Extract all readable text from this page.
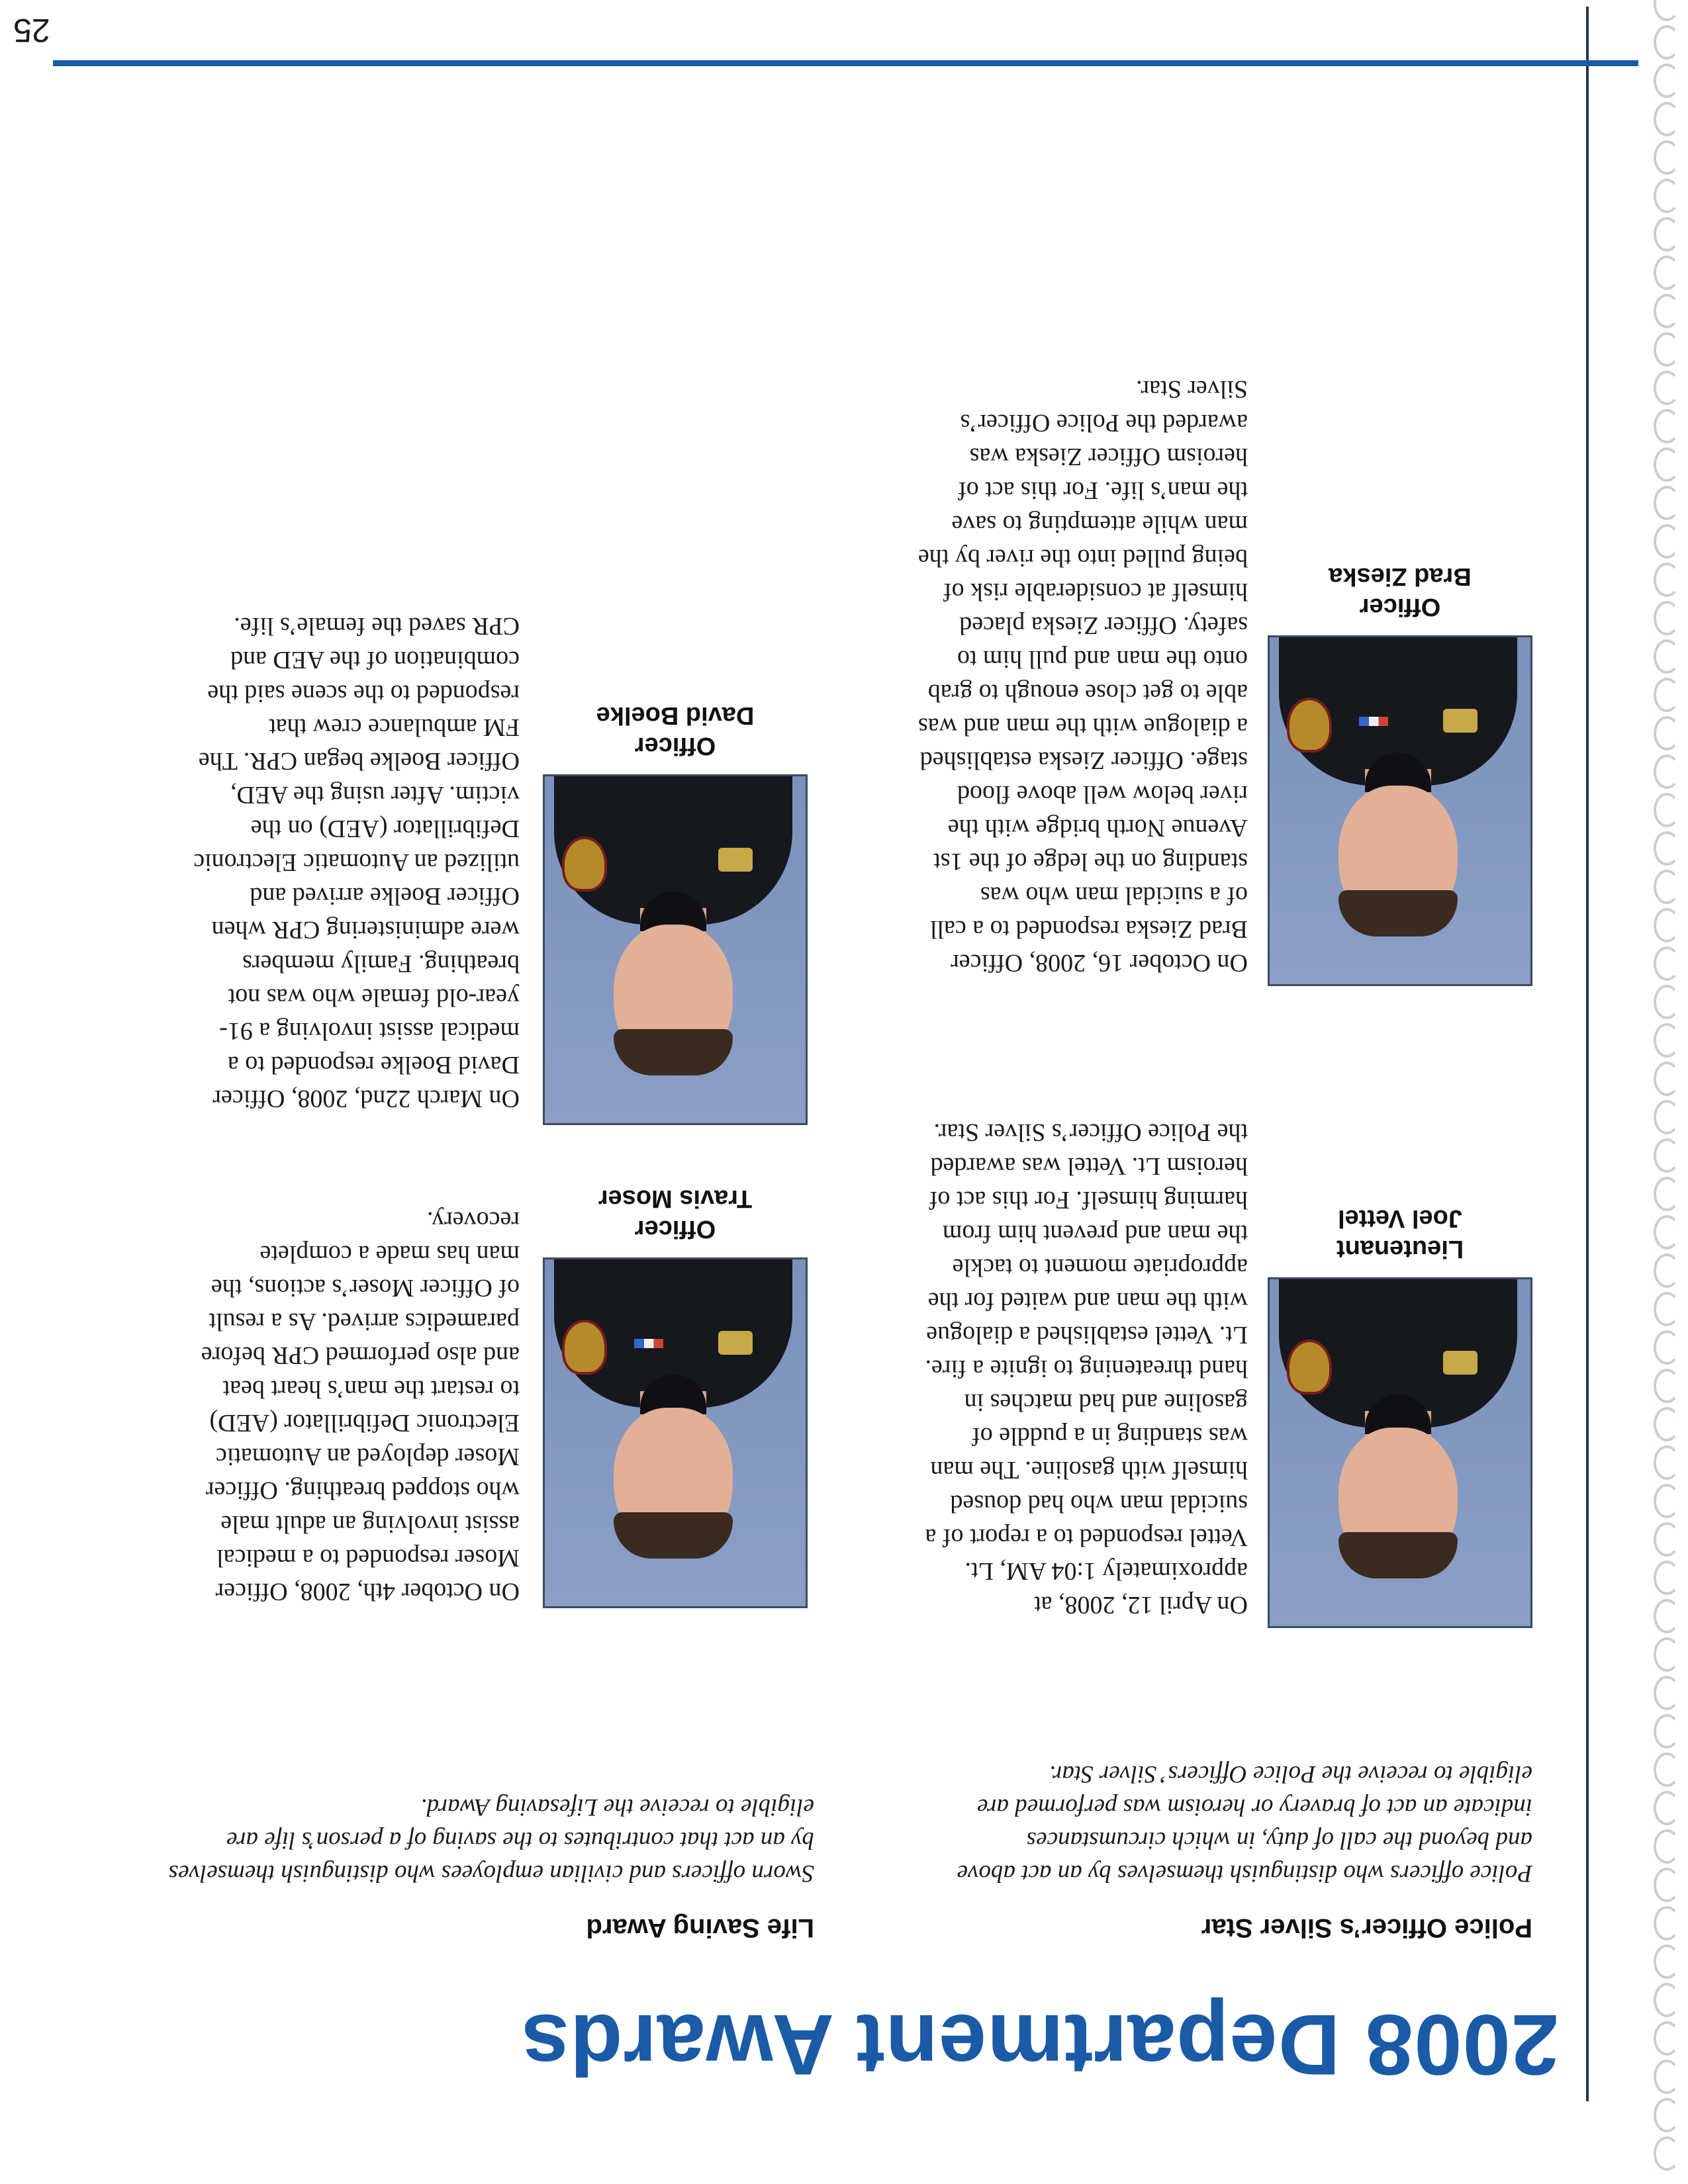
2008 Department Awards
Police Officer’s Silver Star
Life Saving Award

Police officers who distinguish themselves by an act above and beyond the call of duty, in which circumstances indicate an act of bravery or heroism was performed are eligible to receive the Police Officers’ Silver Star.

Sworn officers and civilian employees who distinguish themselves by an act that contributes to the saving of a person’s life are eligible to receive the Lifesaving Award.

Lieutenant
Joel Vettel

On April 12, 2008, at approximately 1:04 AM, Lt. Vettel responded to a report of a suicidal man who had doused himself with gasoline. The man was standing in a puddle of gasoline and had matches in hand threatening to ignite a fire. Lt. Vettel established a dialogue with the man and waited for the appropriate moment to tackle the man and prevent him from harming himself. For this act of heroism Lt. Vettel was awarded the Police Officer’s Silver Star.

Officer
Brad Zieska

On October 16, 2008, Officer Brad Zieska responded to a call of a suicidal man who was standing on the ledge of the 1st Avenue North bridge with the river below well above flood stage. Officer Zieska established a dialogue with the man and was able to get close enough to grab onto the man and pull him to safety. Officer Zieska placed himself at considerable risk of being pulled into the river by the man while attempting to save the man’s life. For this act of heroism Officer Zieska was awarded the Police Officer’s Silver Star.

Officer
Travis Moser

On October 4th, 2008, Officer Moser responded to a medical assist involving an adult male who stopped breathing. Officer Moser deployed an Automatic Electronic Defibrillator (AED) to restart the man’s heart beat and also performed CPR before paramedics arrived. As a result of Officer Moser’s actions, the man has made a complete recovery.

Officer
David Boelke

On March 22nd, 2008, Officer David Boelke responded to a medical assist involving a 91-year-old female who was not breathing. Family members were administering CPR when Officer Boelke arrived and utilized an Automatic Electronic Defibrillator (AED) on the victim. After using the AED, Officer Boelke began CPR. The FM ambulance crew that responded to the scene said the combination of the AED and CPR saved the female’s life.

25
